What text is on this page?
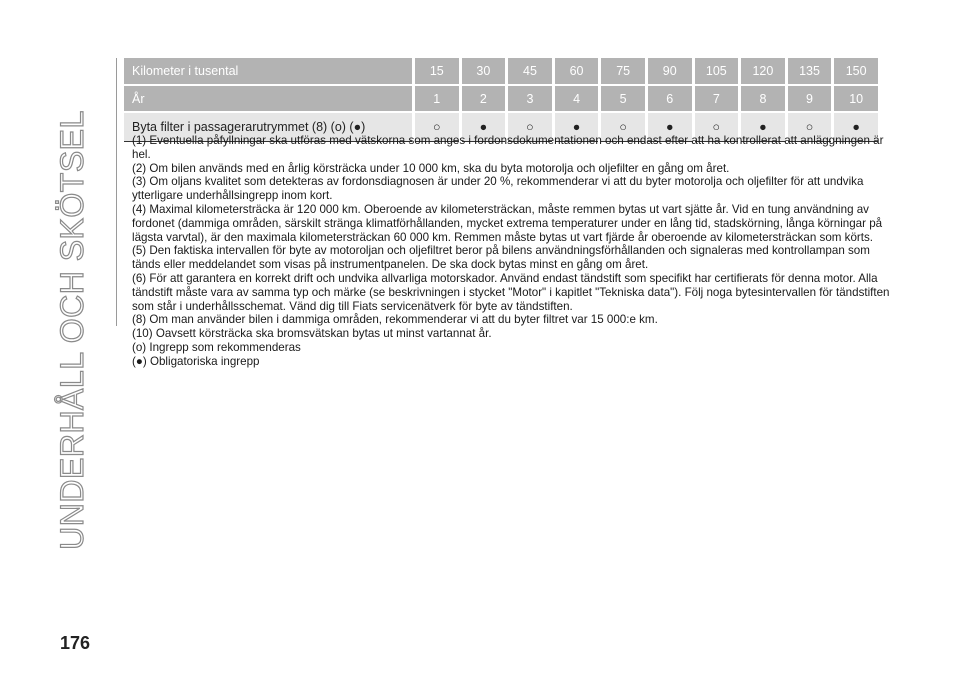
UNDERHÅLL OCH SKÖTSEL
Kilometer i tusental	15	30	45	60	75	90	105	120	135	150
År	1	2	3	4	5	6	7	8	9	10
Byta filter i passagerarutrymmet (8) (o) (●)	○	●	○	●	○	●	○	●	○	●

(1) Eventuella påfyllningar ska utföras med vätskorna som anges i fordonsdokumentationen och endast efter att ha kontrollerat att anläggningen är hel.

(2) Om bilen används med en årlig körsträcka under 10 000 km, ska du byta motorolja och oljefilter en gång om året.

(3) Om oljans kvalitet som detekteras av fordonsdiagnosen är under 20 %, rekommenderar vi att du byter motorolja och oljefilter för att undvika ytterligare underhållsingrepp inom kort.

(4) Maximal kilometersträcka är 120 000 km. Oberoende av kilometersträckan, måste remmen bytas ut vart sjätte år. Vid en tung användning av fordonet (dammiga områden, särskilt stränga klimatförhållanden, mycket extrema temperaturer under en lång tid, stadskörning, långa körningar på lägsta varvtal), är den maximala kilometersträckan 60 000 km. Remmen måste bytas ut vart fjärde år oberoende av kilometersträckan som körts.

(5) Den faktiska intervallen för byte av motoroljan och oljefiltret beror på bilens användningsförhållanden och signaleras med kontrollampan som tänds eller meddelandet som visas på instrumentpanelen. De ska dock bytas minst en gång om året.

(6) För att garantera en korrekt drift och undvika allvarliga motorskador. Använd endast tändstift som specifikt har certifierats för denna motor. Alla tändstift måste vara av samma typ och märke (se beskrivningen i stycket "Motor" i kapitlet "Tekniska data"). Följ noga bytesintervallen för tändstiften som står i underhållsschemat. Vänd dig till Fiats servicenätverk för byte av tändstiften.

(8) Om man använder bilen i dammiga områden, rekommenderar vi att du byter filtret var 15 000:e km.

(10) Oavsett körsträcka ska bromsvätskan bytas ut minst vartannat år.

(o) Ingrepp som rekommenderas

(●) Obligatoriska ingrepp

176
